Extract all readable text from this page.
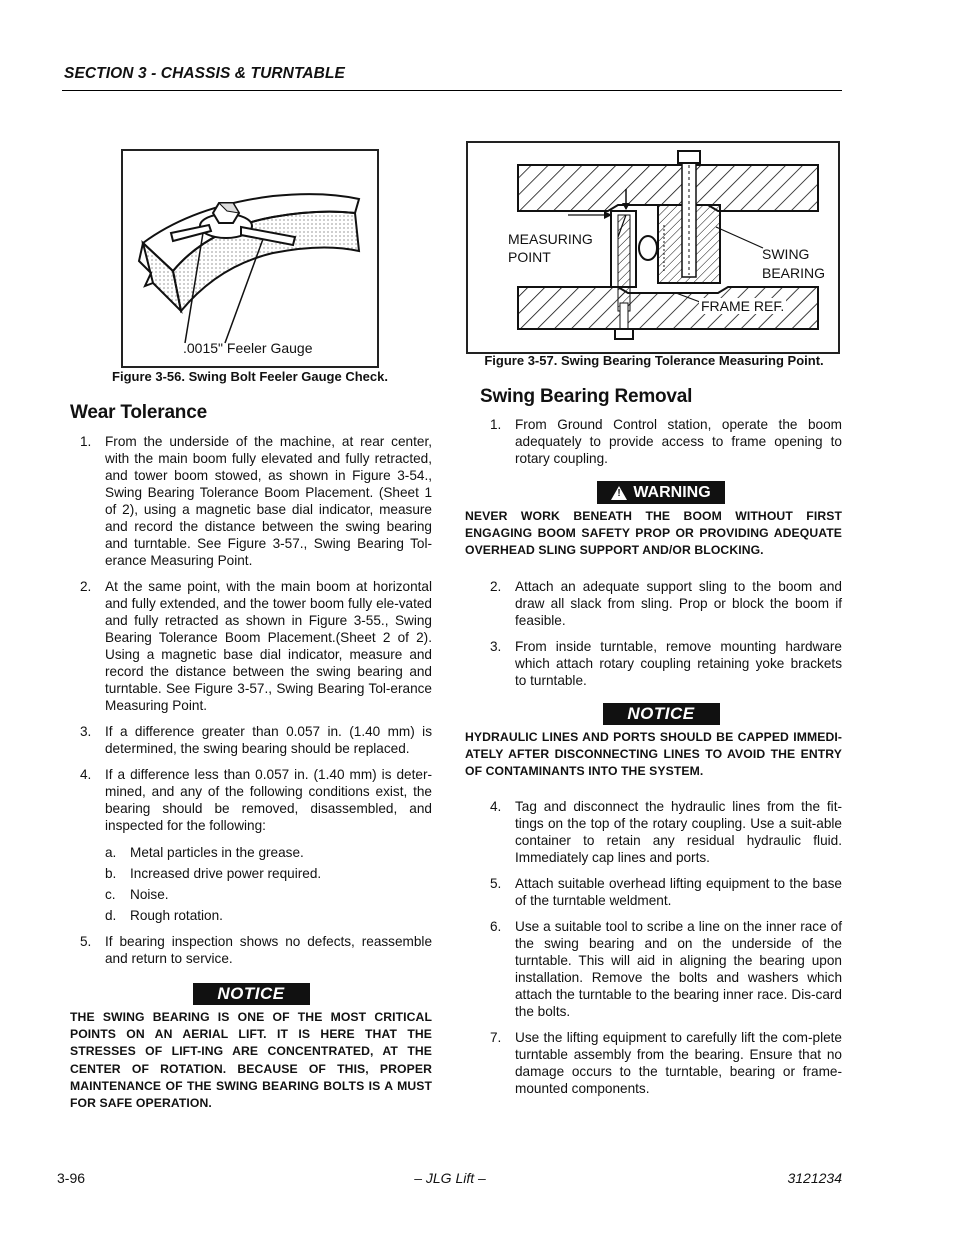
SECTION 3 - CHASSIS & TURNTABLE
.0015" Feeler Gauge
Figure 3-56. Swing Bolt Feeler Gauge Check.
MEASURING
POINT	SWING
BEARING
FRAME REF.
Figure 3-57. Swing Bearing Tolerance Measuring Point.
Wear Tolerance
1. From the underside of the machine, at rear center, with the main boom fully elevated and fully retracted, and tower boom stowed, as shown in Figure 3-54., Swing Bearing Tolerance Boom Placement. (Sheet 1 of 2), using a magnetic base dial indicator, measure and record the distance between the swing bearing and turntable. See Figure 3-57., Swing Bearing Tol-erance Measuring Point.
2. At the same point, with the main boom at horizontal and fully extended, and the tower boom fully ele-vated and fully retracted as shown in Figure 3-55., Swing Bearing Tolerance Boom Placement.(Sheet 2 of 2). Using a magnetic base dial indicator, measure and record the distance between the swing bearing and turntable. See Figure 3-57., Swing Bearing Tol-erance Measuring Point.
3. If a difference greater than 0.057 in. (1.40 mm) is determined, the swing bearing should be replaced.
4. If a difference less than 0.057 in. (1.40 mm) is deter-mined, and any of the following conditions exist, the bearing should be removed, disassembled, and inspected for the following:
a. Metal particles in the grease.
b. Increased drive power required.
c. Noise.
d. Rough rotation.
5. If bearing inspection shows no defects, reassemble and return to service.
NOTICE
THE SWING BEARING IS ONE OF THE MOST CRITICAL POINTS ON AN AERIAL LIFT. IT IS HERE THAT THE STRESSES OF LIFT-ING ARE CONCENTRATED, AT THE CENTER OF ROTATION. BECAUSE OF THIS, PROPER MAINTENANCE OF THE SWING BEARING BOLTS IS A MUST FOR SAFE OPERATION.
Swing Bearing Removal
1. From Ground Control station, operate the boom adequately to provide access to frame opening to rotary coupling.
! WARNING
NEVER WORK BENEATH THE BOOM WITHOUT FIRST ENGAGING BOOM SAFETY PROP OR PROVIDING ADEQUATE OVERHEAD SLING SUPPORT AND/OR BLOCKING.
2. Attach an adequate support sling to the boom and draw all slack from sling. Prop or block the boom if feasible.
3. From inside turntable, remove mounting hardware which attach rotary coupling retaining yoke brackets to turntable.
NOTICE
HYDRAULIC LINES AND PORTS SHOULD BE CAPPED IMMEDI-ATELY AFTER DISCONNECTING LINES TO AVOID THE ENTRY OF CONTAMINANTS INTO THE SYSTEM.
4. Tag and disconnect the hydraulic lines from the fit-tings on the top of the rotary coupling. Use a suit-able container to retain any residual hydraulic fluid. Immediately cap lines and ports.
5. Attach suitable overhead lifting equipment to the base of the turntable weldment.
6. Use a suitable tool to scribe a line on the inner race of the swing bearing and on the underside of the turntable. This will aid in aligning the bearing upon installation. Remove the bolts and washers which attach the turntable to the bearing inner race. Dis-card the bolts.
7. Use the lifting equipment to carefully lift the com-plete turntable assembly from the bearing. Ensure that no damage occurs to the turntable, bearing or frame-mounted components.
3-96	– JLG Lift –	3121234
